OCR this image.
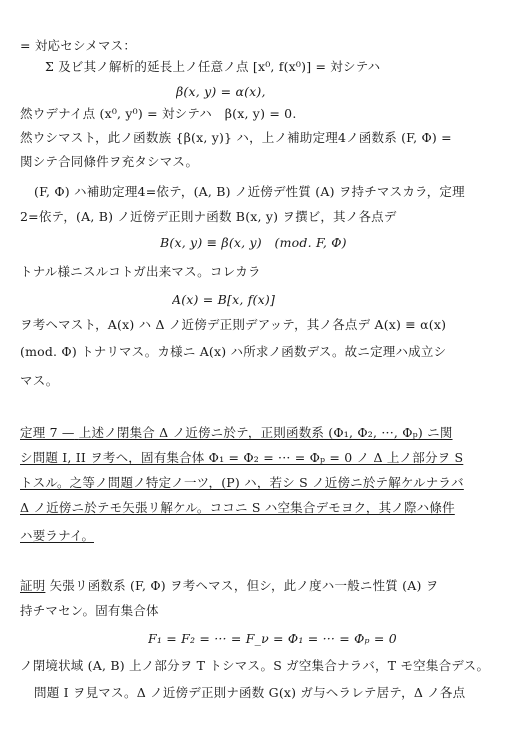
= 対応セシメマス：
Σ 及ビ其ノ解析的延長上ノ任意ノ点 [x⁰, f(x⁰)] = 対シテハ
β(x, y) = α(x),
然ウデナイ点 (x⁰, y⁰) = 対シテハ　β(x, y) = 0.
然ウシマスト，此ノ函数族 {β(x, y)} ハ，上ノ補助定理4ノ函数系 (F, Φ) =
関シテ合同條件ヲ充タシマス。
(F, Φ) ハ補助定理4=依テ，(A, B) ノ近傍デ性質 (A) ヲ持チマスカラ，定理
2=依テ，(A, B) ノ近傍デ正則ナ函数 B(x, y) ヲ撰ビ，其ノ各点デ
B(x, y) ≡ β(x, y)　(mod. F, Φ)
トナル様ニスルコトガ出来マス。コレカラ
A(x) = B[x, f(x)]
ヲ考ヘマスト，A(x) ハ Δ ノ近傍デ正則デアッテ，其ノ各点デ A(x) ≡ α(x)
(mod. Φ) トナリマス。カ様ニ A(x) ハ所求ノ函数デス。故ニ定理ハ成立シ
マス。
定理 7 — 上述ノ閉集合 Δ ノ近傍ニ於テ，正則函数系 (Φ₁, Φ₂, ···, Φₚ) ニ関
シ問題 I, II ヲ考ヘ，固有集合体 Φ₁ = Φ₂ = ··· = Φₚ = 0 ノ Δ 上ノ部分ヲ S
トスル。之等ノ問題ノ特定ノ一ツ，(P) ハ，若シ S ノ近傍ニ於テ解ケルナラバ
Δ ノ近傍ニ於テモ矢張リ解ケル。ココニ S ハ空集合デモヨク，其ノ際ハ條件
ハ要ラナイ。
証明 矢張リ函数系 (F, Φ) ヲ考ヘマス，但シ，此ノ度ハ一般ニ性質 (A) ヲ
持チマセン。固有集合体
F₁ = F₂ = ··· = F_ν = Φ₁ = ··· = Φₚ = 0
ノ閉境状域 (A, B) 上ノ部分ヲ T トシマス。S ガ空集合ナラバ，T モ空集合デス。
問題 I ヲ見マス。Δ ノ近傍デ正則ナ函数 G(x) ガ与ヘラレテ居テ，Δ ノ各点
